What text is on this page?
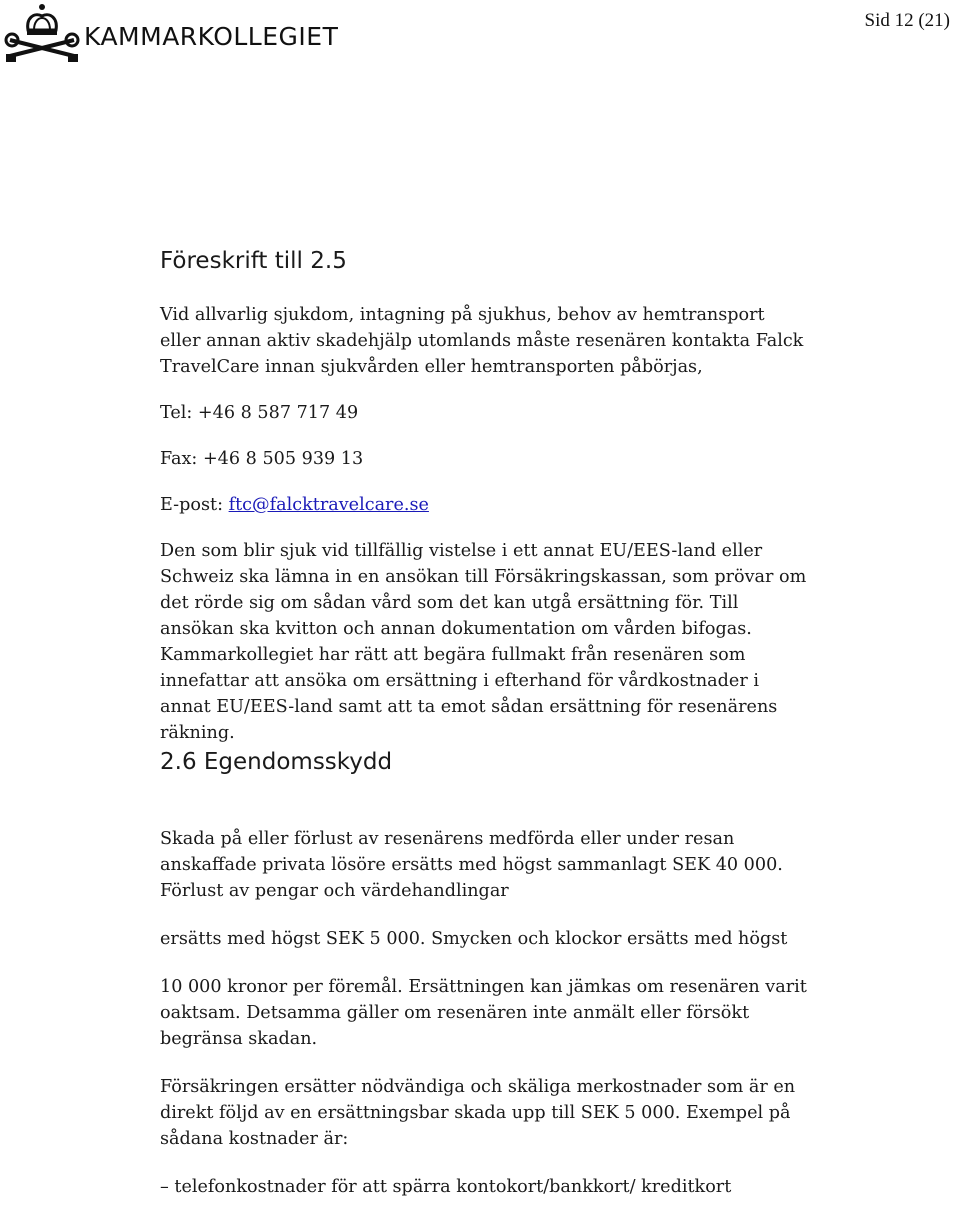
KAMMARKOLLEGIET
Sid 12 (21)
Föreskrift till 2.5

Vid allvarlig sjukdom, intagning på sjukhus, behov av hemtransport eller annan aktiv skadehjälp utomlands måste resenären kontakta Falck TravelCare innan sjukvården eller hemtransporten påbörjas,

Tel: +46 8 587 717 49

Fax: +46 8 505 939 13

E-post: ftc@falcktravelcare.se

Den som blir sjuk vid tillfällig vistelse i ett annat EU/EES-land eller Schweiz ska lämna in en ansökan till Försäkringskassan, som prövar om det rörde sig om sådan vård som det kan utgå ersättning för. Till ansökan ska kvitton och annan dokumentation om vården bifogas. Kammarkollegiet har rätt att begära fullmakt från resenären som innefattar att ansöka om ersättning i efterhand för vårdkostnader i annat EU/EES-land samt att ta emot sådan ersättning för resenärens räkning.

2.6 Egendomsskydd

Skada på eller förlust av resenärens medförda eller under resan anskaffade privata lösöre ersätts med högst sammanlagt SEK 40 000. Förlust av pengar och värdehandlingar

ersätts med högst SEK 5 000. Smycken och klockor ersätts med högst

10 000 kronor per föremål. Ersättningen kan jämkas om resenären varit oaktsam. Detsamma gäller om resenären inte anmält eller försökt begränsa skadan.

Försäkringen ersätter nödvändiga och skäliga merkostnader som är en direkt följd av en ersättningsbar skada upp till SEK 5 000. Exempel på sådana kostnader är:

– telefonkostnader för att spärra kontokort/bankkort/ kreditkort
